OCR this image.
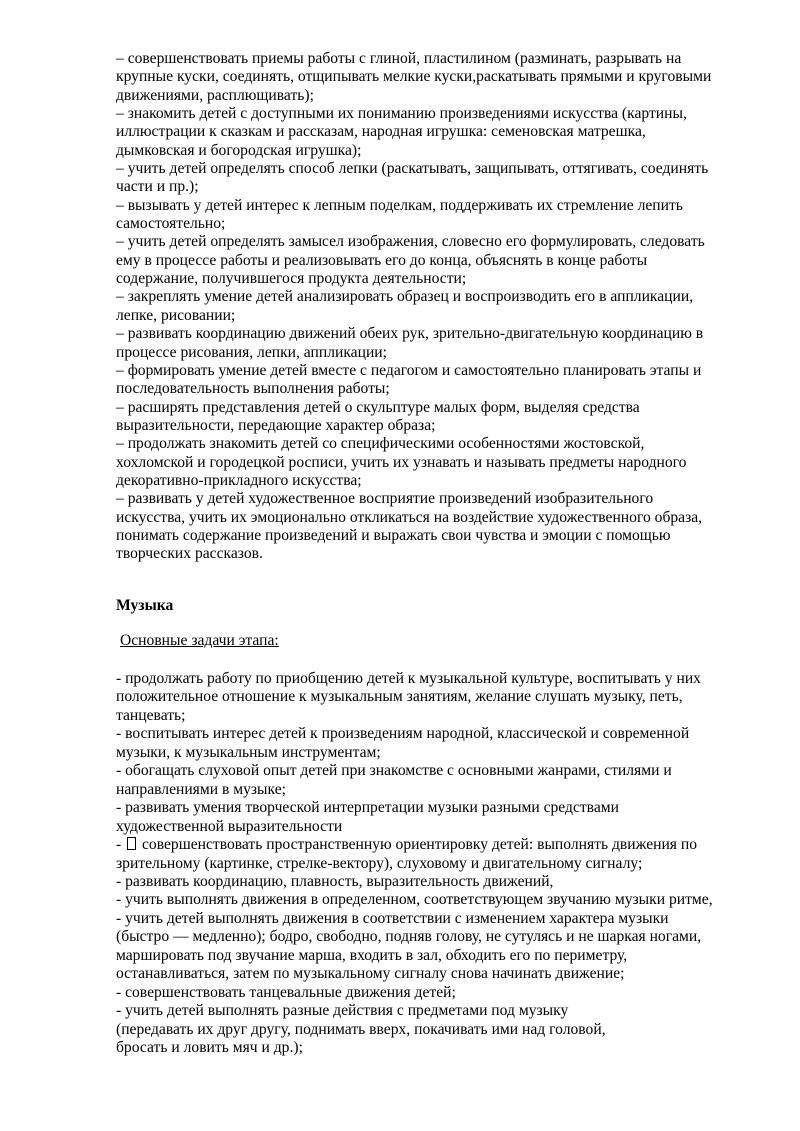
– совершенствовать приемы работы с глиной, пластилином (разминать, разрывать на
крупные куски, соединять, отщипывать мелкие куски,раскатывать прямыми и круговыми
движениями, расплющивать);
– знакомить детей с доступными их пониманию произведениями искусства (картины,
иллюстрации к сказкам и рассказам, народная игрушка: семеновская матрешка,
дымковская и богородская игрушка);
– учить детей определять способ лепки (раскатывать, защипывать, оттягивать, соединять
части и пр.);
– вызывать у детей интерес к лепным поделкам, поддерживать их стремление лепить
самостоятельно;
– учить детей определять замысел изображения, словесно его формулировать, следовать
ему в процессе работы и реализовывать его до конца, объяснять в конце работы
содержание, получившегося продукта деятельности;
– закреплять умение детей анализировать образец и воспроизводить его в аппликации,
лепке, рисовании;
– развивать координацию движений обеих рук, зрительно-двигательную координацию в
процессе рисования, лепки, аппликации;
– формировать умение детей вместе с педагогом и самостоятельно планировать этапы и
последовательность выполнения работы;
– расширять представления детей о скульптуре малых форм, выделяя средства
выразительности, передающие характер образа;
– продолжать знакомить детей со специфическими особенностями жостовской,
хохломской и городецкой росписи, учить их узнавать и называть предметы народного
декоративно-прикладного искусства;
– развивать у детей художественное восприятие произведений изобразительного
искусства, учить их эмоционально откликаться на воздействие художественного образа,
понимать содержание произведений и выражать свои чувства и эмоции с помощью
творческих рассказов.
Музыка
Основные задачи этапа:
- продолжать работу по приобщению детей к музыкальной культуре, воспитывать у них
положительное отношение к музыкальным занятиям, желание слушать музыку, петь,
танцевать;
- воспитывать интерес детей к произведениям народной, классической и современной
музыки, к музыкальным инструментам;
- обогащать слуховой опыт детей при знакомстве с основными жанрами, стилями и
направлениями в музыке;
- развивать умения творческой интерпретации музыки разными средствами
художественной выразительности
-  совершенствовать пространственную ориентировку детей: выполнять движения по
зрительному (картинке, стрелке-вектору), слуховому и двигательному сигналу;
- развивать координацию, плавность, выразительность движений,
- учить выполнять движения в определенном, соответствующем звучанию музыки ритме,
- учить детей выполнять движения в соответствии с изменением характера музыки
(быстро — медленно); бодро, свободно, подняв голову, не сутулясь и не шаркая ногами,
маршировать под звучание марша, входить в зал, обходить его по периметру,
останавливаться, затем по музыкальному сигналу снова начинать движение;
- совершенствовать танцевальные движения детей;
- учить детей выполнять разные действия с предметами под музыку
(передавать их друг другу, поднимать вверх, покачивать ими над головой,
бросать и ловить мяч и др.);
